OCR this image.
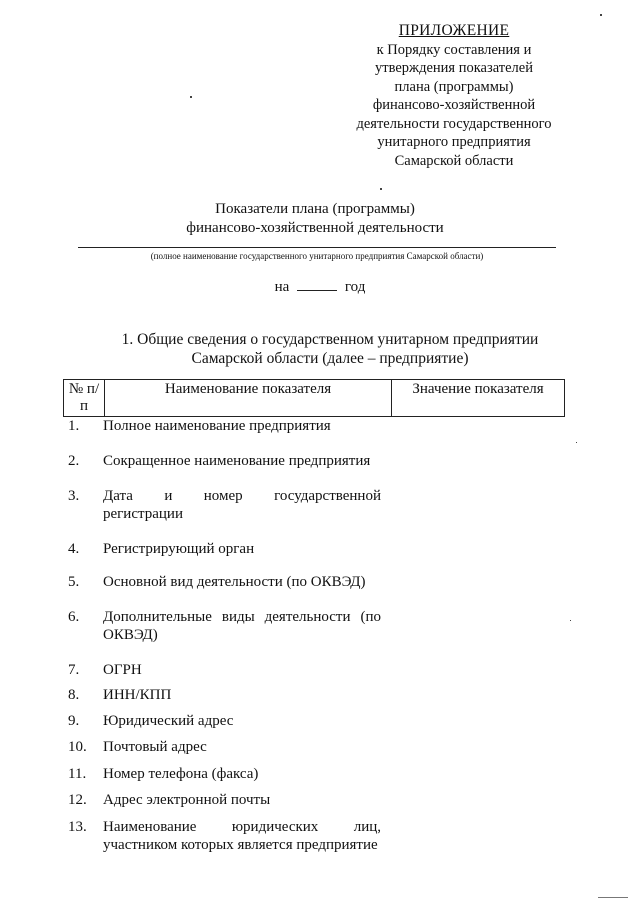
ПРИЛОЖЕНИЕ
к Порядку составления и
утверждения показателей
плана (программы)
финансово-хозяйственной
деятельности государственного
унитарного предприятия
Самарской области
Показатели плана (программы)
финансово-хозяйственной деятельности
(полное наименование государственного унитарного предприятия Самарской области)
на	год
1. Общие сведения о государственном унитарном предприятии
Самарской области (далее – предприятие)
№ п/п	Наименование показателя	Значение показателя
1. Полное наименование предприятия
2. Сокращенное наименование предприятия
3. Дата и номер государственной регистрации
4. Регистрирующий орган
5. Основной вид деятельности (по ОКВЭД)
6. Дополнительные виды деятельности (по ОКВЭД)
7. ОГРН
8. ИНН/КПП
9. Юридический адрес
10. Почтовый адрес
11. Номер телефона (факса)
12. Адрес электронной почты
13. Наименование юридических лиц, участником которых является предприятие
